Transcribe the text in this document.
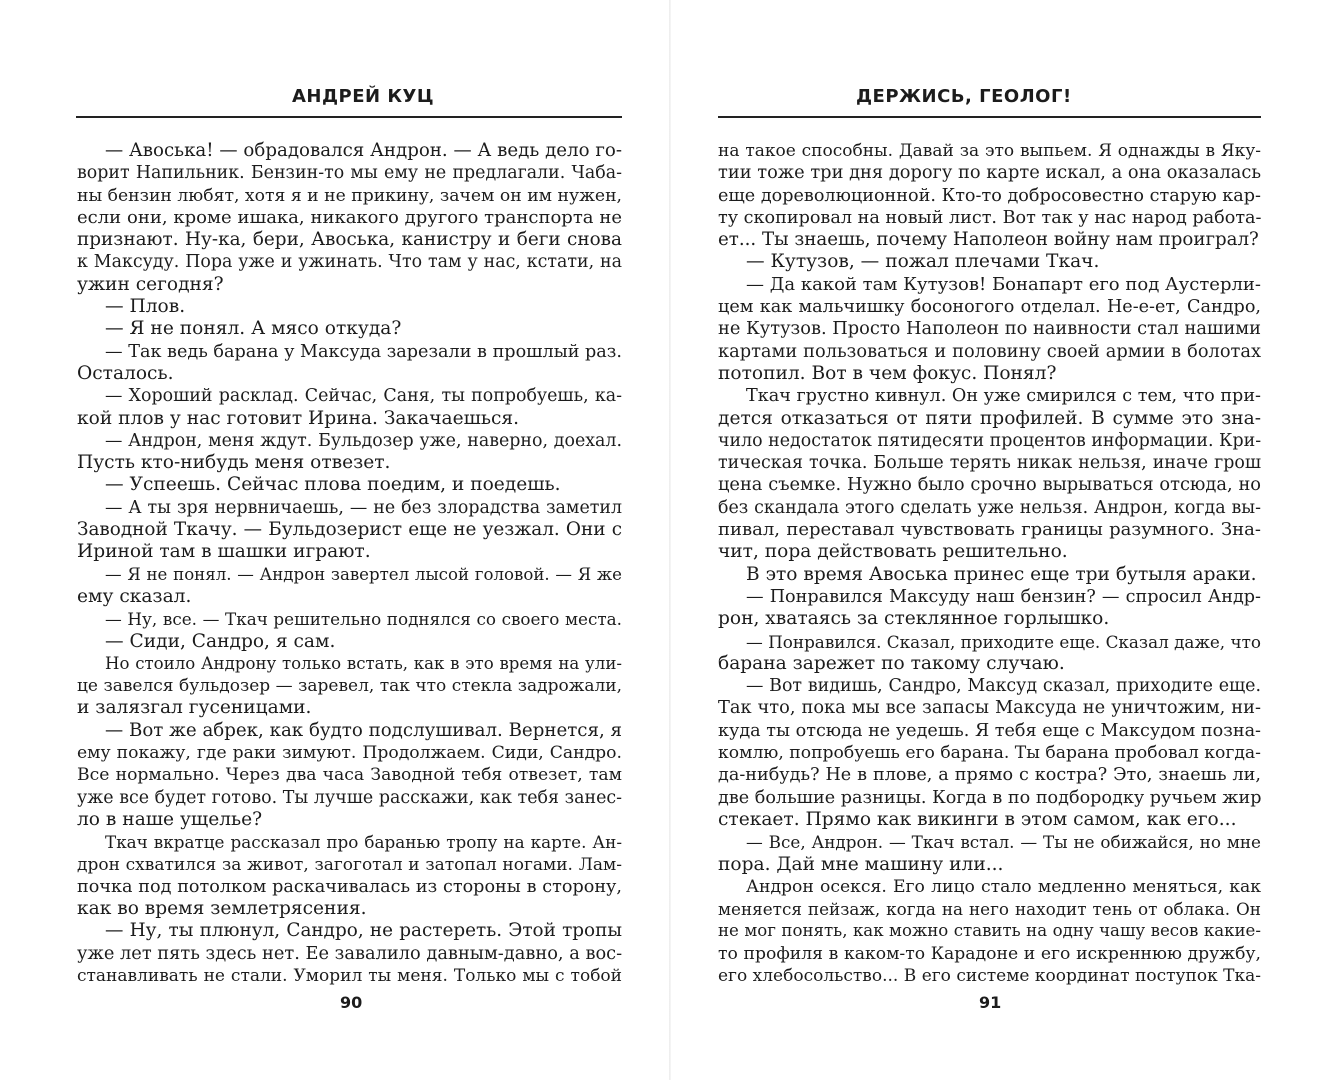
АНДРЕЙ КУЦ
— Авоська! — обрадовался Андрон. — А ведь дело го-
ворит Напильник. Бензин-то мы ему не предлагали. Чаба-
ны бензин любят, хотя я и не прикину, зачем он им нужен,
если они, кроме ишака, никакого другого транспорта не
признают. Ну-ка, бери, Авоська, канистру и беги снова
к Максуду. Пора уже и ужинать. Что там у нас, кстати, на
ужин сегодня?
— Плов.
— Я не понял. А мясо откуда?
— Так ведь барана у Максуда зарезали в прошлый раз.
Осталось.
— Хороший расклад. Сейчас, Саня, ты попробуешь, ка-
кой плов у нас готовит Ирина. Закачаешься.
— Андрон, меня ждут. Бульдозер уже, наверно, доехал.
Пусть кто-нибудь меня отвезет.
— Успеешь. Сейчас плова поедим, и поедешь.
— А ты зря нервничаешь, — не без злорадства заметил
Заводной Ткачу. — Бульдозерист еще не уезжал. Они с
Ириной там в шашки играют.
— Я не понял. — Андрон завертел лысой головой. — Я же
ему сказал.
— Ну, все. — Ткач решительно поднялся со своего места.
— Сиди, Сандро, я сам.
Но стоило Андрону только встать, как в это время на ули-
це завелся бульдозер — заревел, так что стекла задрожали,
и залязгал гусеницами.
— Вот же абрек, как будто подслушивал. Вернется, я
ему покажу, где раки зимуют. Продолжаем. Сиди, Сандро.
Все нормально. Через два часа Заводной тебя отвезет, там
уже все будет готово. Ты лучше расскажи, как тебя занес-
ло в наше ущелье?
Ткач вкратце рассказал про баранью тропу на карте. Ан-
дрон схватился за живот, загоготал и затопал ногами. Лам-
почка под потолком раскачивалась из стороны в сторону,
как во время землетрясения.
— Ну, ты плюнул, Сандро, не растереть. Этой тропы
уже лет пять здесь нет. Ее завалило давным-давно, а вос-
станавливать не стали. Уморил ты меня. Только мы с тобой
90
ДЕРЖИСЬ, ГЕОЛОГ!
на такое способны. Давай за это выпьем. Я однажды в Яку-
тии тоже три дня дорогу по карте искал, а она оказалась
еще дореволюционной. Кто-то добросовестно старую кар-
ту скопировал на новый лист. Вот так у нас народ работа-
ет... Ты знаешь, почему Наполеон войну нам проиграл?
— Кутузов, — пожал плечами Ткач.
— Да какой там Кутузов! Бонапарт его под Аустерли-
цем как мальчишку босоногого отделал. Не-е-ет, Сандро,
не Кутузов. Просто Наполеон по наивности стал нашими
картами пользоваться и половину своей армии в болотах
потопил. Вот в чем фокус. Понял?
Ткач грустно кивнул. Он уже смирился с тем, что при-
дется отказаться от пяти профилей. В сумме это зна-
чило недостаток пятидесяти процентов информации. Кри-
тическая точка. Больше терять никак нельзя, иначе грош
цена съемке. Нужно было срочно вырываться отсюда, но
без скандала этого сделать уже нельзя. Андрон, когда вы-
пивал, переставал чувствовать границы разумного. Зна-
чит, пора действовать решительно.
В это время Авоська принес еще три бутыля араки.
— Понравился Максуду наш бензин? — спросил Андр-
рон, хватаясь за стеклянное горлышко.
— Понравился. Сказал, приходите еще. Сказал даже, что
барана зарежет по такому случаю.
— Вот видишь, Сандро, Максуд сказал, приходите еще.
Так что, пока мы все запасы Максуда не уничтожим, ни-
куда ты отсюда не уедешь. Я тебя еще с Максудом позна-
комлю, попробуешь его барана. Ты барана пробовал когда-
да-нибудь? Не в плове, а прямо с костра? Это, знаешь ли,
две большие разницы. Когда в по подбородку ручьем жир
стекает. Прямо как викинги в этом самом, как его...
— Все, Андрон. — Ткач встал. — Ты не обижайся, но мне
пора. Дай мне машину или...
Андрон осекся. Его лицо стало медленно меняться, как
меняется пейзаж, когда на него находит тень от облака. Он
не мог понять, как можно ставить на одну чашу весов какие-
то профиля в каком-то Карадоне и его искреннюю дружбу,
его хлебосольство... В его системе координат поступок Тка-
91
